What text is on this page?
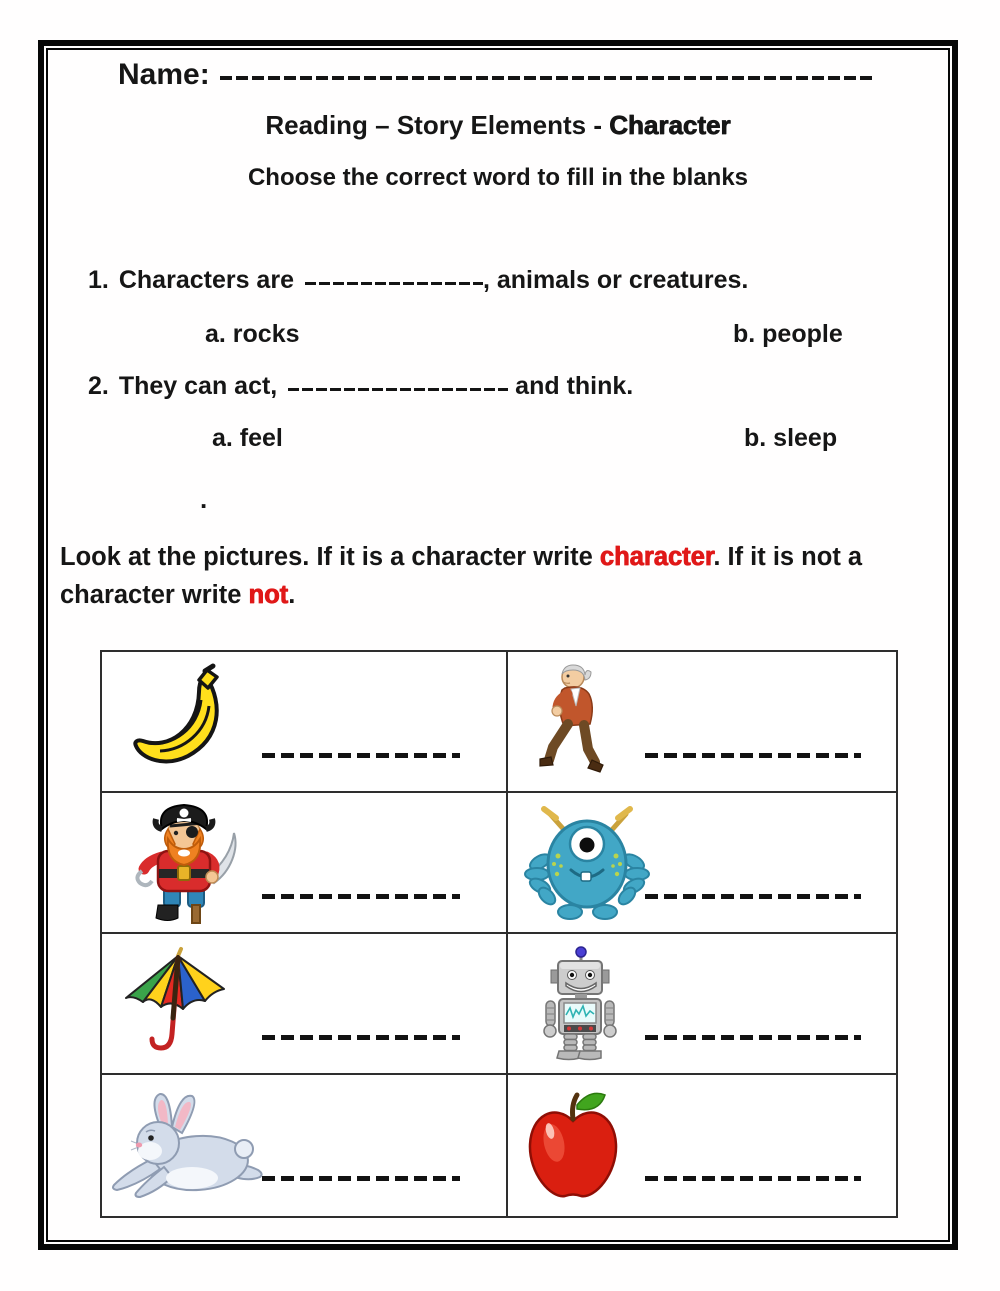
Name:
Reading – Story Elements - Character
Choose the correct word to fill in the blanks
1. Characters are	, animals or creatures.
a. rocks	b. people
2. They can act,	and think.
a. feel	b. sleep
.
Look at the pictures. If it is a character write character. If it is not a character write not.
